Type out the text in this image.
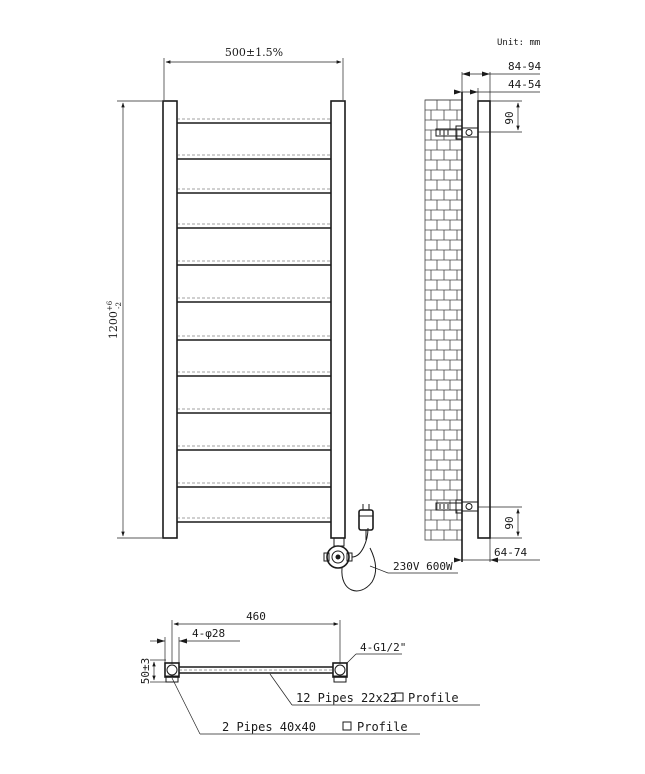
Unit: mm
500±1.5%
$1200^{+6}-2$
230V 600W
84-94
44-54
90
90
64-74
460
4-φ28
50±3
4-G1/2"
12 Pipes 22x22 Profile
2 Pipes 40x40	Profile
